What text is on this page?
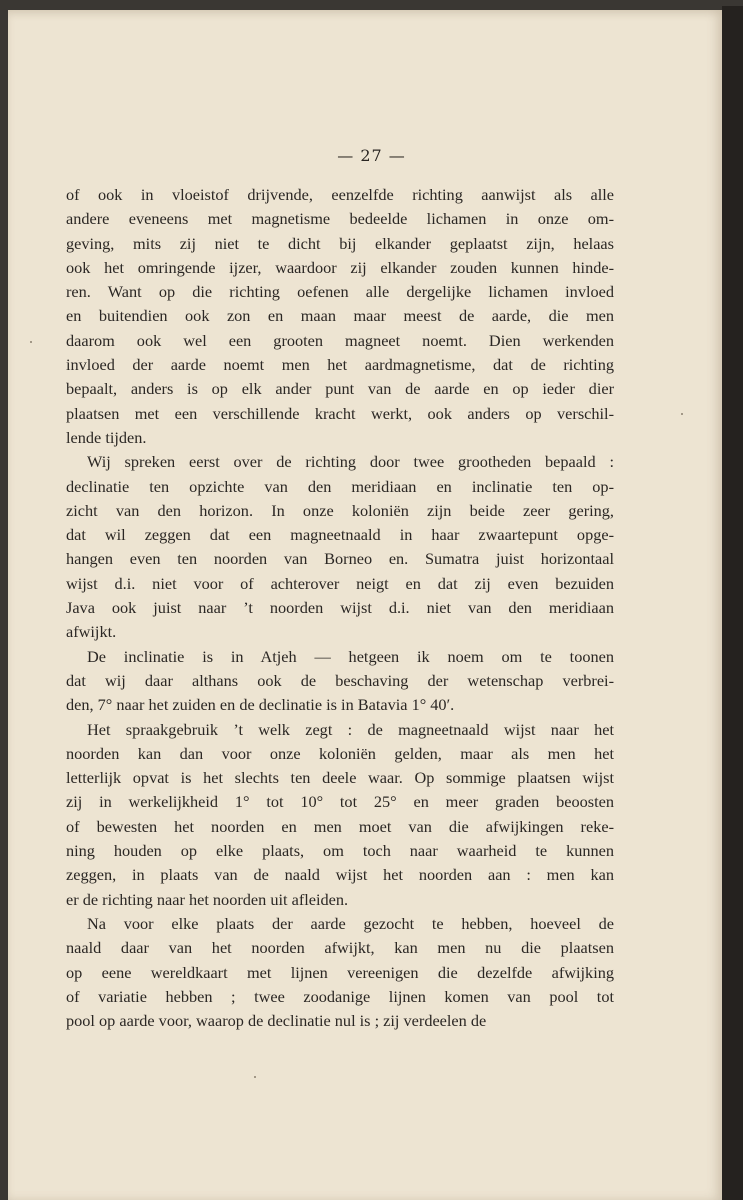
— 27 —

of ook in vloeistof drijvende, eenzelfde richting aanwijst als alle

andere eveneens met magnetisme bedeelde lichamen in onze om-

geving, mits zij niet te dicht bij elkander geplaatst zijn, helaas

ook het omringende ijzer, waardoor zij elkander zouden kunnen hinde-

ren. Want op die richting oefenen alle dergelijke lichamen invloed

en buitendien ook zon en maan maar meest de aarde, die men

daarom ook wel een grooten magneet noemt. Dien werkenden

invloed der aarde noemt men het aardmagnetisme, dat de richting

bepaalt, anders is op elk ander punt van de aarde en op ieder dier

plaatsen met een verschillende kracht werkt, ook anders op verschil-

lende tijden.

Wij spreken eerst over de richting door twee grootheden bepaald :

declinatie ten opzichte van den meridiaan en inclinatie ten op-

zicht van den horizon. In onze koloniën zijn beide zeer gering,

dat wil zeggen dat een magneetnaald in haar zwaartepunt opge-

hangen even ten noorden van Borneo en. Sumatra juist horizontaal

wijst d.i. niet voor of achterover neigt en dat zij even bezuiden

Java ook juist naar ’t noorden wijst d.i. niet van den meridiaan

afwijkt.

De inclinatie is in Atjeh — hetgeen ik noem om te toonen

dat wij daar althans ook de beschaving der wetenschap verbrei-

den, 7° naar het zuiden en de declinatie is in Batavia 1° 40′.

Het spraakgebruik ’t welk zegt : de magneetnaald wijst naar het

noorden kan dan voor onze koloniën gelden, maar als men het

letterlijk opvat is het slechts ten deele waar. Op sommige plaatsen wijst

zij in werkelijkheid 1° tot 10° tot 25° en meer graden beoosten

of bewesten het noorden en men moet van die afwijkingen reke-

ning houden op elke plaats, om toch naar waarheid te kunnen

zeggen, in plaats van de naald wijst het noorden aan : men kan

er de richting naar het noorden uit afleiden.

Na voor elke plaats der aarde gezocht te hebben, hoeveel de

naald daar van het noorden afwijkt, kan men nu die plaatsen

op eene wereldkaart met lijnen vereenigen die dezelfde afwijking

of variatie hebben ; twee zoodanige lijnen komen van pool tot

pool op aarde voor, waarop de declinatie nul is ; zij verdeelen de
